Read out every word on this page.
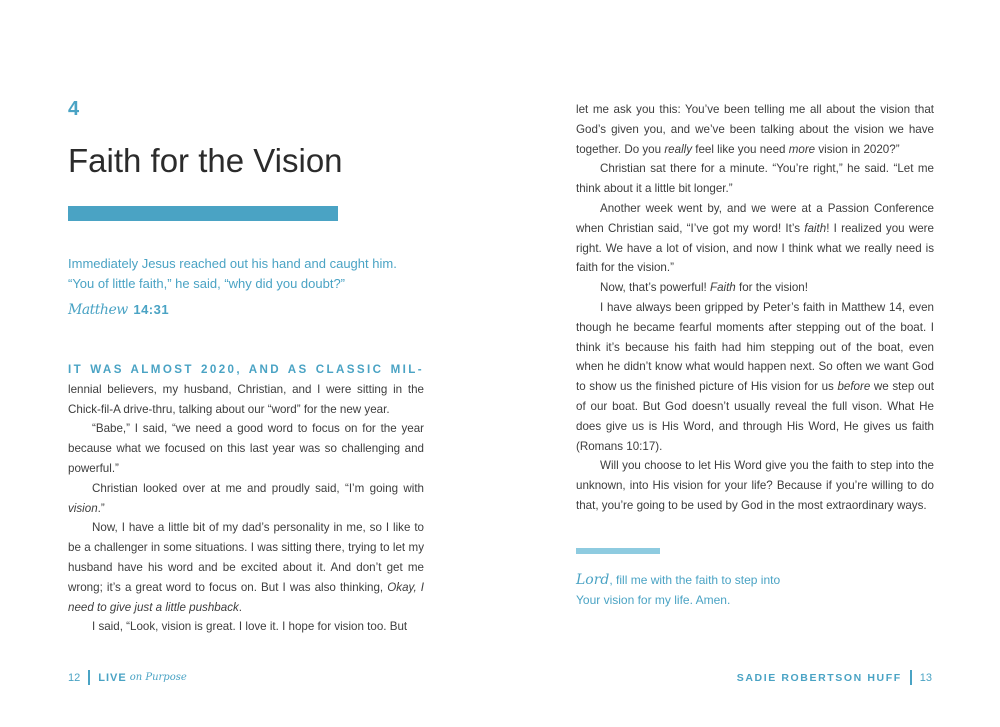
4
Faith for the Vision

Immediately Jesus reached out his hand and caught him.

“You of little faith,” he said, “why did you doubt?”

Matthew 14:31

IT WAS ALMOST 2020, AND AS CLASSIC MIL-lennial believers, my husband, Christian, and I were sitting in the Chick-fil-A drive-thru, talking about our “word” for the new year.

“Babe,” I said, “we need a good word to focus on for the year because what we focused on this last year was so challenging and powerful.”

Christian looked over at me and proudly said, “I’m going with vision.”

Now, I have a little bit of my dad’s personality in me, so I like to be a challenger in some situations. I was sitting there, trying to let my husband have his word and be excited about it. And don’t get me wrong; it’s a great word to focus on. But I was also thinking, Okay, I need to give just a little pushback.

I said, “Look, vision is great. I love it. I hope for vision too. But

12 LIVE on Purpose

let me ask you this: You’ve been telling me all about the vision that God’s given you, and we’ve been talking about the vision we have together. Do you really feel like you need more vision in 2020?”

Christian sat there for a minute. “You’re right,” he said. “Let me think about it a little bit longer.”

Another week went by, and we were at a Passion Conference when Christian said, “I’ve got my word! It’s faith! I realized you were right. We have a lot of vision, and now I think what we really need is faith for the vision.”

Now, that’s powerful! Faith for the vision!

I have always been gripped by Peter’s faith in Matthew 14, even though he became fearful moments after stepping out of the boat. I think it’s because his faith had him stepping out of the boat, even when he didn’t know what would happen next. So often we want God to show us the finished picture of His vision for us before we step out of our boat. But God doesn’t usually reveal the full vison. What He does give us is His Word, and through His Word, He gives us faith (Romans 10:17).

Will you choose to let His Word give you the faith to step into the unknown, into His vision for your life? Because if you’re willing to do that, you’re going to be used by God in the most extraordinary ways.

Lord, fill me with the faith to step into

Your vision for my life. Amen.

SADIE ROBERTSON HUFF 13
